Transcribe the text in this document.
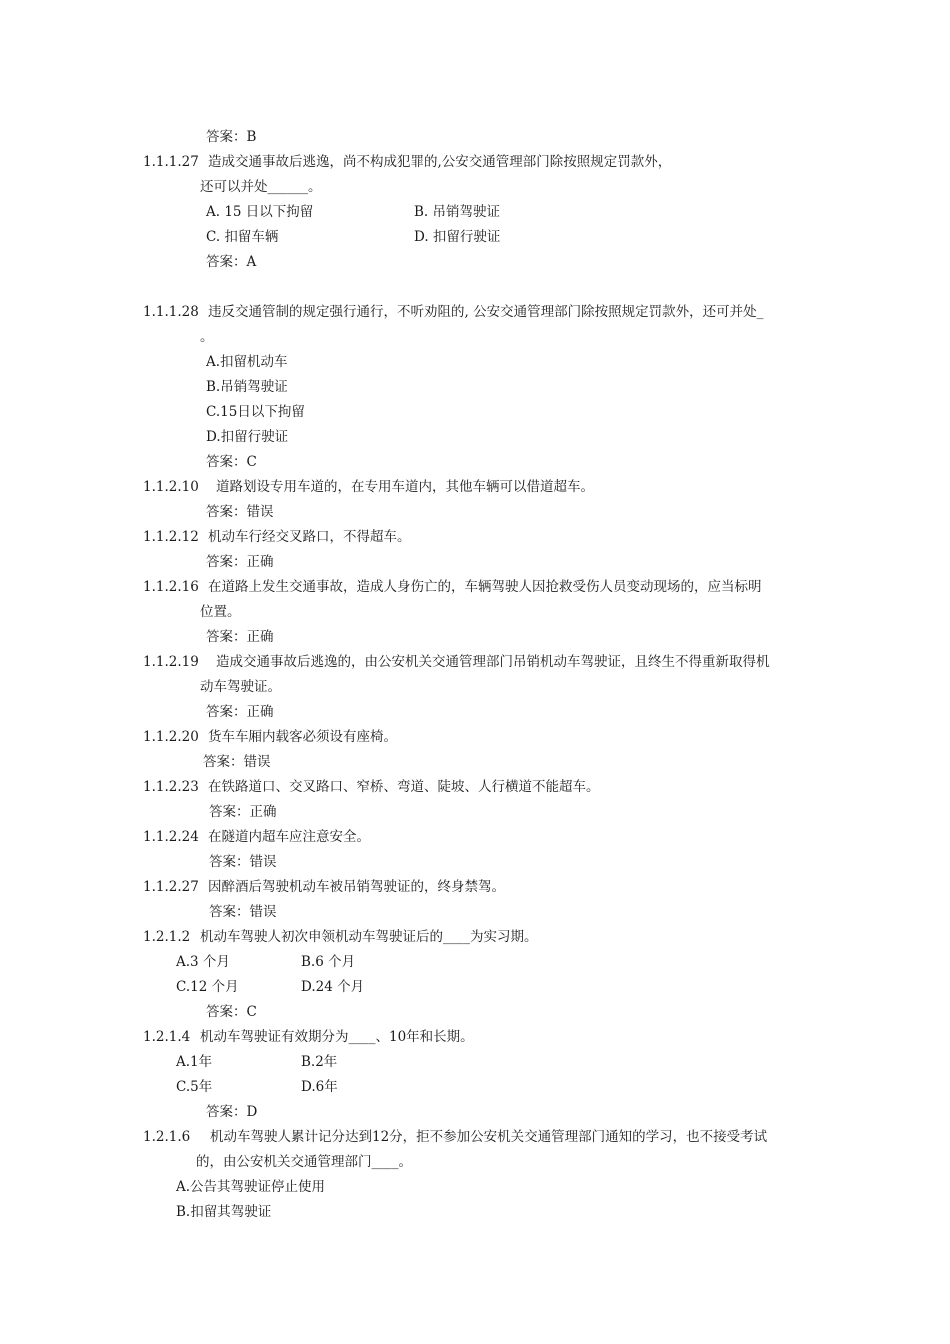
答案：B
1.1.1.27 造成交通事故后逃逸，尚不构成犯罪的,公安交通管理部门除按照规定罚款外，
还可以并处______。
A. 15 日以下拘留	B. 吊销驾驶证
C. 扣留车辆	D. 扣留行驶证
答案：A
1.1.1.28 违反交通管制的规定强行通行，不听劝阻的, 公安交通管理部门除按照规定罚款外，还可并处_
。
A.扣留机动车
B.吊销驾驶证
C.15日以下拘留
D.扣留行驶证
答案：C
1.1.2.10 道路划设专用车道的，在专用车道内，其他车辆可以借道超车。
答案：错误
1.1.2.12 机动车行经交叉路口，不得超车。
答案：正确
1.1.2.16 在道路上发生交通事故，造成人身伤亡的，车辆驾驶人因抢救受伤人员变动现场的，应当标明
位置。
答案：正确
1.1.2.19 造成交通事故后逃逸的，由公安机关交通管理部门吊销机动车驾驶证，且终生不得重新取得机
动车驾驶证。
答案：正确
1.1.2.20 货车车厢内载客必须设有座椅。
答案：错误
1.1.2.23 在铁路道口、交叉路口、窄桥、弯道、陡坡、人行横道不能超车。
答案：正确
1.1.2.24 在隧道内超车应注意安全。
答案：错误
1.1.2.27 因醉酒后驾驶机动车被吊销驾驶证的，终身禁驾。
答案：错误
1.2.1.2 机动车驾驶人初次申领机动车驾驶证后的____为实习期。
A.3 个月	B.6 个月
C.12 个月	D.24 个月
答案：C
1.2.1.4 机动车驾驶证有效期分为____、10年和长期。
A.1年	B.2年
C.5年	D.6年
答案：D
1.2.1.6 机动车驾驶人累计记分达到12分，拒不参加公安机关交通管理部门通知的学习，也不接受考试
的，由公安机关交通管理部门____。
A.公告其驾驶证停止使用
B.扣留其驾驶证
